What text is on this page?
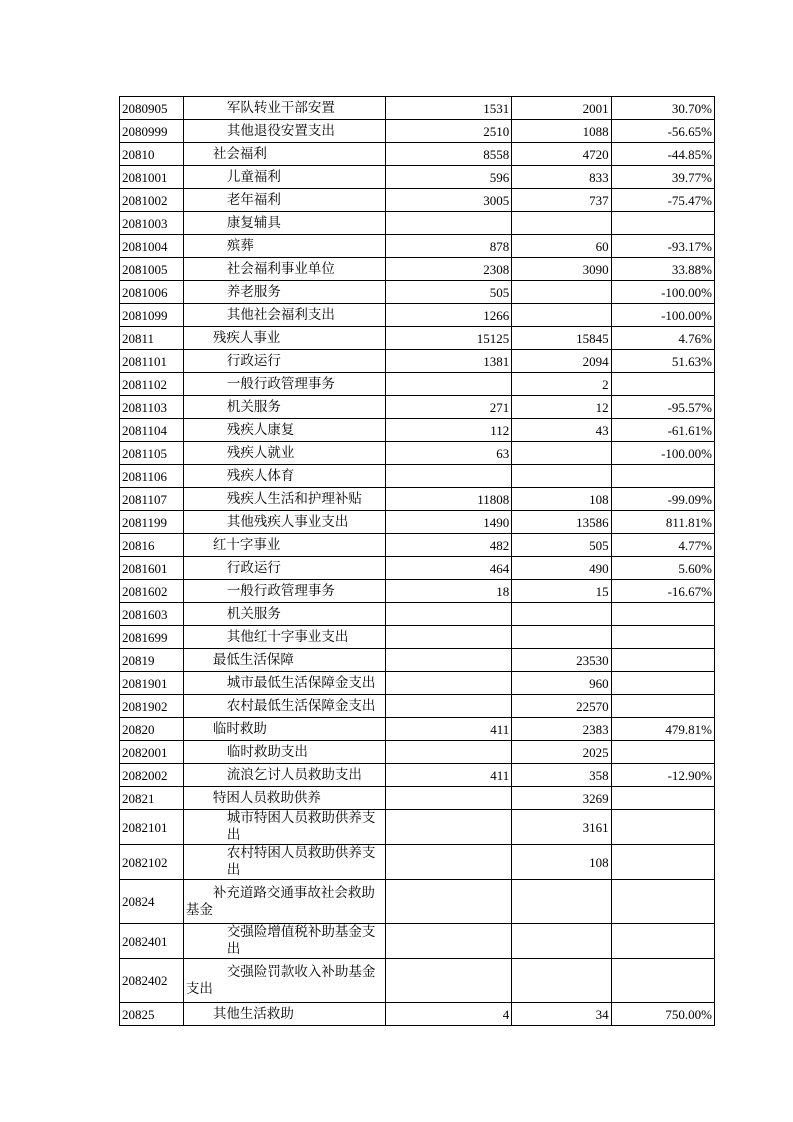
2080905	军队转业干部安置	1531	2001	30.70%
2080999	其他退役安置支出	2510	1088	-56.65%
20810	社会福利	8558	4720	-44.85%
2081001	儿童福利	596	833	39.77%
2081002	老年福利	3005	737	-75.47%
2081003	康复辅具			

2081004	殡葬	878	60	-93.17%
2081005	社会福利事业单位	2308	3090	33.88%
2081006	养老服务	505		-100.00%
2081099	其他社会福利支出	1266		-100.00%
20811	残疾人事业	15125	15845	4.76%
2081101	行政运行	1381	2094	51.63%
2081102	一般行政管理事务		2	
2081103	机关服务	271	12	-95.57%
2081104	残疾人康复	112	43	-61.61%
2081105	残疾人就业	63		-100.00%
2081106	残疾人体育			

2081107	残疾人生活和护理补贴	11808	108	-99.09%
2081199	其他残疾人事业支出	1490	13586	811.81%
20816	红十字事业	482	505	4.77%
2081601	行政运行	464	490	5.60%
2081602	一般行政管理事务	18	15	-16.67%
2081603	机关服务			

2081699	其他红十字事业支出			

20819	最低生活保障		23530	
2081901	城市最低生活保障金支出		960	
2081902	农村最低生活保障金支出		22570	
20820	临时救助	411	2383	479.81%
2082001	临时救助支出		2025	
2082002	流浪乞讨人员救助支出	411	358	-12.90%
20821	特困人员救助供养		3269	
2082101	城市特困人员救助供养支出		3161	
2082102	农村特困人员救助供养支出		108	
20824	补充道路交通事故社会救助基金			

2082401	交强险增值税补助基金支出			

2082402	交强险罚款收入补助基金支出			

20825	其他生活救助	4	34	750.00%
